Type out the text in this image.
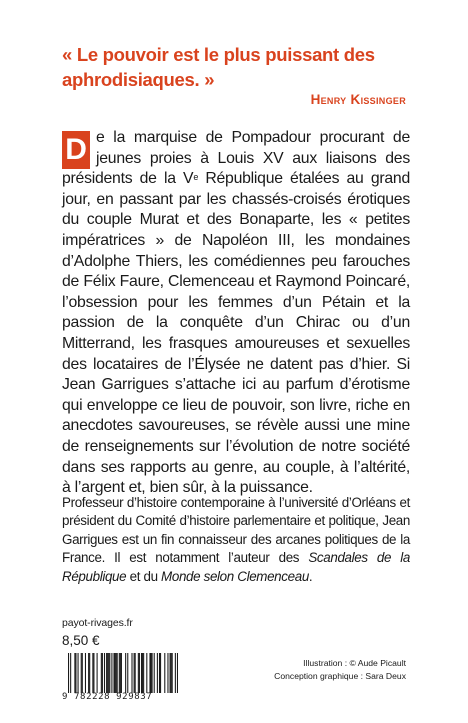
« Le pouvoir est le plus puissant des aphrodisiaques. »
Henry Kissinger
D e la marquise de Pompadour procurant de jeunes proies à Louis XV aux liaisons des présidents de la Ve République étalées au grand jour, en passant par les chassés-croisés érotiques du couple Murat et des Bonaparte, les « petites impératrices » de Napoléon III, les mondaines d’Adolphe Thiers, les comédiennes peu farouches de Félix Faure, Clemenceau et Raymond Poincaré, l’obsession pour les femmes d’un Pétain et la passion de la conquête d’un Chirac ou d’un Mitterrand, les frasques amoureuses et sexuelles des locataires de l’Élysée ne datent pas d’hier. Si Jean Garrigues s’attache ici au parfum d’érotisme qui enveloppe ce lieu de pouvoir, son livre, riche en anecdotes savoureuses, se révèle aussi une mine de renseignements sur l’évolution de notre société dans ses rapports au genre, au couple, à l’altérité, à l’argent et, bien sûr, à la puissance.
Professeur d’histoire contemporaine à l’université d’Orléans et président du Comité d’histoire parlementaire et politique, Jean Garrigues est un fin connaisseur des arcanes politiques de la France. Il est notamment l’auteur des Scandales de la République et du Monde selon Clemenceau.
payot-rivages.fr
8,50 €
9 782228 929837
Illustration : © Aude Picault
Conception graphique : Sara Deux
